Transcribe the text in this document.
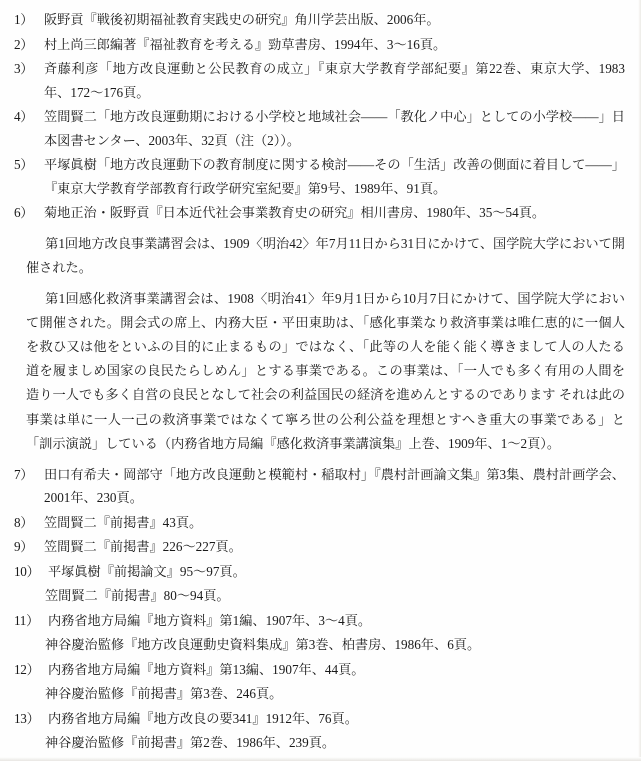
1） 阪野貢『戦後初期福祉教育実践史の研究』角川学芸出版、2006年。
2） 村上尚三郎編著『福祉教育を考える』勁草書房、1994年、3～16頁。
3） 斉藤利彦「地方改良運動と公民教育の成立」『東京大学教育学部紀要』第22巻、東京大学、1983年、172～176頁。
4） 笠間賢二「地方改良運動期における小学校と地域社会――「教化ノ中心」としての小学校――」日本図書センター、2003年、32頁（注（2））。
5） 平塚眞樹「地方改良運動下の教育制度に関する検討――その「生活」改善の側面に着目して――」『東京大学教育学部教育行政学研究室紀要』第9号、1989年、91頁。
6） 菊地正治・阪野貢『日本近代社会事業教育史の研究』相川書房、1980年、35～54頁。

第1回地方改良事業講習会は、1909〈明治42〉年7月11日から31日にかけて、国学院大学において開催された。

第1回感化救済事業講習会は、1908〈明治41〉年9月1日から10月7日にかけて、国学院大学において開催された。開会式の席上、内務大臣・平田東助は、「感化事業なり救済事業は唯仁恵的に一個人を救ひ又は他をといふの目的に止まるもの」ではなく、「此等の人を能く能く導きまして人の人たる道を履ましめ国家の良民たらしめん」とする事業である。この事業は、「一人でも多く有用の人間を造り一人でも多く自営の良民となして社会の利益国民の経済を進めんとするのであります それは此の事業は単に一人一己の救済事業ではなくて寧ろ世の公利公益を理想とすへき重大の事業である」と「訓示演説」している（内務省地方局編『感化救済事業講演集』上巻、1909年、1～2頁）。

7） 田口有希夫・岡部守「地方改良運動と模範村・稲取村」『農村計画論文集』第3集、農村計画学会、2001年、230頁。
8） 笠間賢二『前掲書』43頁。
9） 笠間賢二『前掲書』226～227頁。
10） 平塚眞樹『前掲論文』95～97頁。
笠間賢二『前掲書』80～94頁。
11） 内務省地方局編『地方資料』第1編、1907年、3～4頁。
神谷慶治監修『地方改良運動史資料集成』第3巻、柏書房、1986年、6頁。
12） 内務省地方局編『地方資料』第13編、1907年、44頁。
神谷慶治監修『前掲書』第3巻、246頁。
13） 内務省地方局編『地方改良の要341』1912年、76頁。
神谷慶治監修『前掲書』第2巻、1986年、239頁。
